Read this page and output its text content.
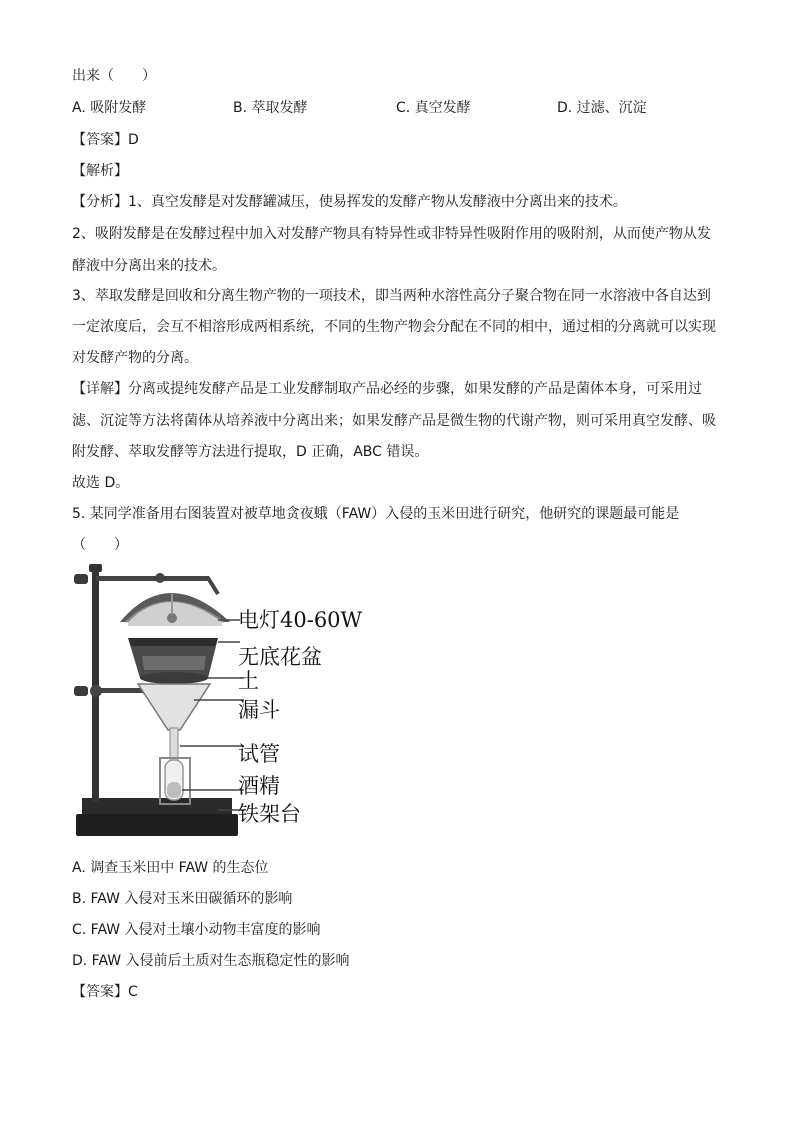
出来（　　）
A. 吸附发酵	B. 萃取发酵	C. 真空发酵	D. 过滤、沉淀
【答案】D
【解析】
【分析】1、真空发酵是对发酵罐减压，使易挥发的发酵产物从发酵液中分离出来的技术。
2、吸附发酵是在发酵过程中加入对发酵产物具有特异性或非特异性吸附作用的吸附剂，从而使产物从发
酵液中分离出来的技术。
3、萃取发酵是回收和分离生物产物的一项技术，即当两种水溶性高分子聚合物在同一水溶液中各自达到
一定浓度后，会互不相溶形成两相系统，不同的生物产物会分配在不同的相中，通过相的分离就可以实现
对发酵产物的分离。
【详解】分离或提纯发酵产品是工业发酵制取产品必经的步骤，如果发酵的产品是菌体本身，可采用过
滤、沉淀等方法将菌体从培养液中分离出来；如果发酵产品是微生物的代谢产物，则可采用真空发酵、吸
附发酵、萃取发酵等方法进行提取，D 正确，ABC 错误。
故选 D。
5. 某同学准备用右图装置对被草地贪夜蛾（FAW）入侵的玉米田进行研究，他研究的课题最可能是
（　　）
电灯40-60W
无底花盆
土
漏斗
试管
酒精
铁架台
A. 调查玉米田中 FAW 的生态位
B. FAW 入侵对玉米田碳循环的影响
C. FAW 入侵对土壤小动物丰富度的影响
D. FAW 入侵前后土质对生态瓶稳定性的影响
【答案】C
